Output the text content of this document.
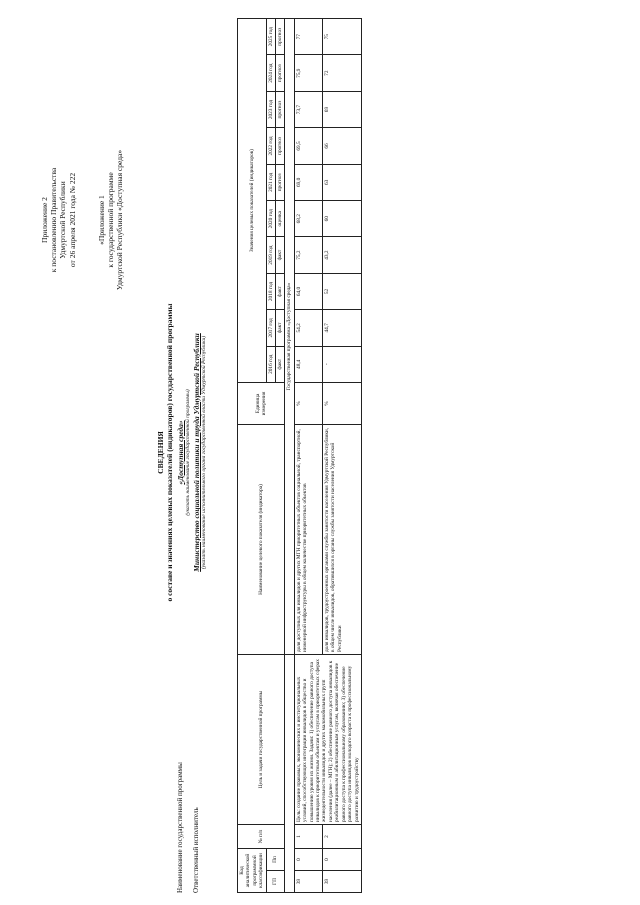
Приложение 2 к постановлению Правительства Удмуртской Республики от 26 апреля 2021 года № 222	«Приложение 1 к государственной программе Удмуртской Республики «Доступная среда»
СВЕДЕНИЯ о составе и значениях целевых показателей (индикаторов) государственной программы «Доступная среда» (указать наименование государственной программы) Министерство социальной политики и труда Удмуртской Республики (указать наименование исполнительного органа государственной власти Удмуртской Республики)
Наименование государственной программы Ответственный исполнитель	Код аналитической программной классификации		№ п/п	Цель и задачи государственной программы	Наименование целевого показателя (индикатора)	Единица измерения	Значения целевых показателей (индикаторов)									
ГП	Пп					2016 год	2017 год	2018 год	2019 год	2020 год	2021 год	2022 год	2023 год	2024 год	2025 год
						факт	факт	факт	факт	оценка	прогноз	прогноз	прогноз	прогноз	прогноз
				Государственная программа «Доступная среда»											
39	0	1	Цель: создание правовых, экономических и институциональных условий, способствующих интеграции инвалидов в общество и повышению уровня их жизни. Задачи: 1) обеспечение равного доступа инвалидов к приоритетным объектам и услугам в приоритетных сферах жизнедеятельности инвалидов и других маломобильных групп населения (далее – МГН); 2) обеспечение равного доступа инвалидов к реабилитационным и абилитационным услугам, включая обеспечение равного доступа к профессиональному образованию; 3) обеспечение равного доступа инвалидов молодого возраста к профессиональному развитию и трудоустройству	доля доступных для инвалидов и других МГН приоритетных объектов социальной, транспортной, инженерной инфраструктуры в общем количестве приоритетных объектов	%	48,4	54,2	64,0	75,2	68,2	69,0	69,5	73,7	75,9	77
39	0	2		доля инвалидов, трудоустроенных органами службы занятости населения Удмуртской Республики, в общем числе инвалидов, обратившихся в органы службы занятости населения Удмуртской Республики	%	-	44,7	52	43,2	60	63	66	69	72	75
